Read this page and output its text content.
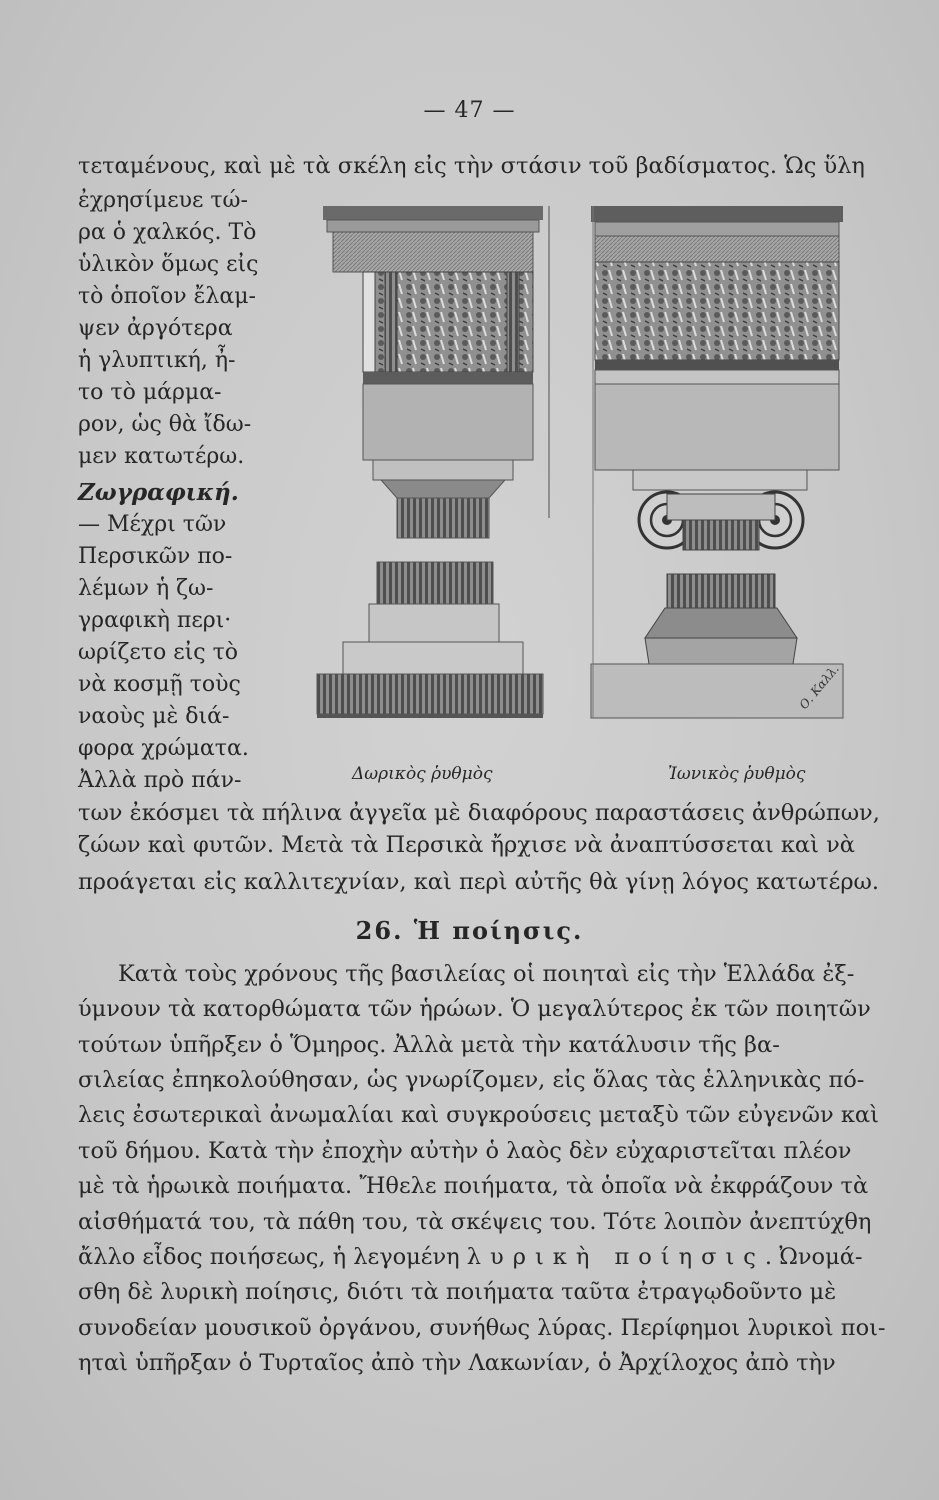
— 47 —
τεταμένους, καὶ μὲ τὰ σκέλη εἰς τὴν στάσιν τοῦ βαδίσματος. Ὡς ὕλη
ἐχρησίμευε τώ-
ρα ὁ χαλκός. Τὸ
ὑλικὸν ὅμως εἰς
τὸ ὁποῖον ἔλαμ-
ψεν ἀργότερα
ἡ γλυπτική, ἦ-
το τὸ μάρμα-
ρον, ὡς θὰ ἴδω-
μεν κατωτέρω.
Ζωγραφική.
— Μέχρι τῶν
Περσικῶν πο-
λέμων ἡ ζω-
γραφικὴ περι·
ωρίζετο εἰς τὸ
νὰ κοσμῇ τοὺς
ναοὺς μὲ διά-
φορα χρώματα.
Ἀλλὰ πρὸ πάν-
Ο. Καλλ.
Δωρικὸς ῥυθμὸς	Ἰωνικὸς ῥυθμὸς
των ἐκόσμει τὰ πήλινα ἀγγεῖα μὲ διαφόρους παραστάσεις ἀνθρώπων,
ζώων καὶ φυτῶν. Μετὰ τὰ Περσικὰ ἤρχισε νὰ ἀναπτύσσεται καὶ νὰ
προάγεται εἰς καλλιτεχνίαν, καὶ περὶ αὐτῆς θὰ γίνῃ λόγος κατωτέρω.
26. Ἡ ποίησις.
Κατὰ τοὺς χρόνους τῆς βασιλείας οἱ ποιηταὶ εἰς τὴν Ἑλλάδα ἐξ-
ύμνουν τὰ κατορθώματα τῶν ἡρώων. Ὁ μεγαλύτερος ἐκ τῶν ποιητῶν
τούτων ὑπῆρξεν ὁ Ὅμηρος. Ἀλλὰ μετὰ τὴν κατάλυσιν τῆς βα-
σιλείας ἐπηκολούθησαν, ὡς γνωρίζομεν, εἰς ὅλας τὰς ἑλληνικὰς πό-
λεις ἐσωτερικαὶ ἀνωμαλίαι καὶ συγκρούσεις μεταξὺ τῶν εὐγενῶν καὶ
τοῦ δήμου. Κατὰ τὴν ἐποχὴν αὐτὴν ὁ λαὸς δὲν εὐχαριστεῖται πλέον
μὲ τὰ ἡρωικὰ ποιήματα. Ἤθελε ποιήματα, τὰ ὁποῖα νὰ ἐκφράζουν τὰ
αἰσθήματά του, τὰ πάθη του, τὰ σκέψεις του. Τότε λοιπὸν ἀνεπτύχθη
ἄλλο εἶδος ποιήσεως, ἡ λεγομένη λυρικὴ ποίησις. Ὠνομά-
σθη δὲ λυρικὴ ποίησις, διότι τὰ ποιήματα ταῦτα ἐτραγῳδοῦντο μὲ
συνοδείαν μουσικοῦ ὀργάνου, συνήθως λύρας. Περίφημοι λυρικοὶ ποι-
ηταὶ ὑπῆρξαν ὁ Τυρταῖος ἀπὸ τὴν Λακωνίαν, ὁ Ἀρχίλοχος ἀπὸ τὴν
